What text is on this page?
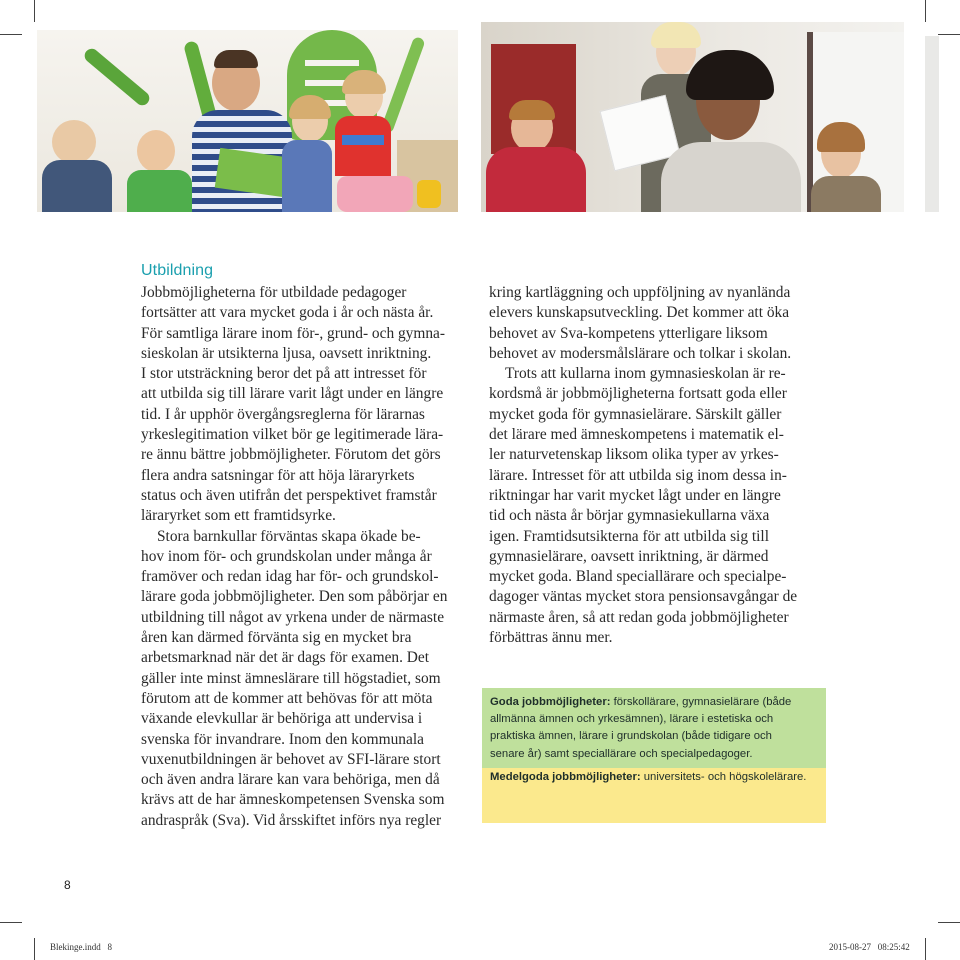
Utbildning

Jobbmöjligheterna för utbildade pedagoger
fortsätter att vara mycket goda i år och nästa år.
För samtliga lärare inom för-, grund- och gymna-
sieskolan är utsikterna ljusa, oavsett inriktning.
I stor utsträckning beror det på att intresset för
att utbilda sig till lärare varit lågt under en längre
tid. I år upphör övergångsreglerna för lärarnas
yrkeslegitimation vilket bör ge legitimerade lära-
re ännu bättre jobbmöjligheter. Förutom det görs
flera andra satsningar för att höja läraryrkets
status och även utifrån det perspektivet framstår
läraryrket som ett framtidsyrke.

Stora barnkullar förväntas skapa ökade be-
hov inom för- och grundskolan under många år
framöver och redan idag har för- och grundskol-
lärare goda jobbmöjligheter. Den som påbörjar en
utbildning till något av yrkena under de närmaste
åren kan därmed förvänta sig en mycket bra
arbetsmarknad när det är dags för examen. Det
gäller inte minst ämneslärare till högstadiet, som
förutom att de kommer att behövas för att möta
växande elevkullar är behöriga att undervisa i
svenska för invandrare. Inom den kommunala
vuxenutbildningen är behovet av SFI-lärare stort
och även andra lärare kan vara behöriga, men då
krävs att de har ämneskompetensen Svenska som
andraspråk (Sva). Vid årsskiftet införs nya regler

kring kartläggning och uppföljning av nyanlända
elevers kunskapsutveckling. Det kommer att öka
behovet av Sva-kompetens ytterligare liksom
behovet av modersmålslärare och tolkar i skolan.

Trots att kullarna inom gymnasieskolan är re-
kordsmå är jobbmöjligheterna fortsatt goda eller
mycket goda för gymnasielärare. Särskilt gäller
det lärare med ämneskompetens i matematik el-
ler naturvetenskap liksom olika typer av yrkes-
lärare. Intresset för att utbilda sig inom dessa in-
riktningar har varit mycket lågt under en längre
tid och nästa år börjar gymnasiekullarna växa
igen. Framtidsutsikterna för att utbilda sig till
gymnasielärare, oavsett inriktning, är därmed
mycket goda. Bland speciallärare och specialpe-
dagoger väntas mycket stora pensionsavgångar de
närmaste åren, så att redan goda jobbmöjligheter
förbättras ännu mer.

Goda jobbmöjligheter: förskollärare, gymnasielärare (både
allmänna ämnen och yrkesämnen), lärare i estetiska och
praktiska ämnen, lärare i grundskolan (både tidigare och
senare år) samt speciallärare och specialpedagoger.
Medelgoda jobbmöjligheter: universitets- och högskolelärare.
8
Blekinge.indd   8	2015-08-27   08:25:42
